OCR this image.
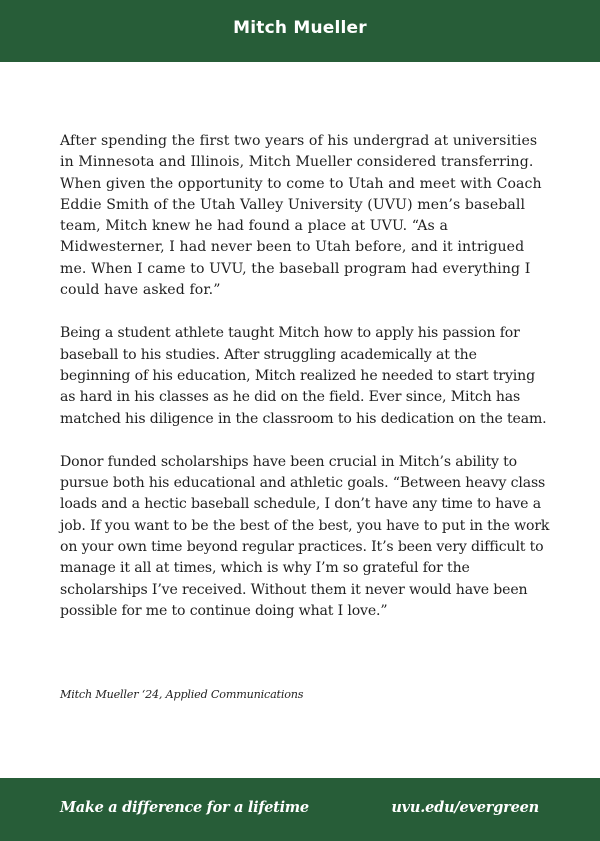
Mitch Mueller

After spending the first two years of his undergrad at universities in Minnesota and Illinois, Mitch Mueller considered transferring. When given the opportunity to come to Utah and meet with Coach Eddie Smith of the Utah Valley University (UVU) men’s baseball team, Mitch knew he had found a place at UVU. “As a Midwesterner, I had never been to Utah before, and it intrigued me. When I came to UVU, the baseball program had everything I could have asked for.”

Being a student athlete taught Mitch how to apply his passion for baseball to his studies. After struggling academically at the beginning of his education, Mitch realized he needed to start trying as hard in his classes as he did on the field. Ever since, Mitch has matched his diligence in the classroom to his dedication on the team.

Donor funded scholarships have been crucial in Mitch’s ability to pursue both his educational and athletic goals. “Between heavy class loads and a hectic baseball schedule, I don’t have any time to have a job. If you want to be the best of the best, you have to put in the work on your own time beyond regular practices. It’s been very difficult to manage it all at times, which is why I’m so grateful for the scholarships I’ve received. Without them it never would have been possible for me to continue doing what I love.”

Mitch Mueller ‘24, Applied Communications
Make a difference for a lifetime	uvu.edu/evergreen
